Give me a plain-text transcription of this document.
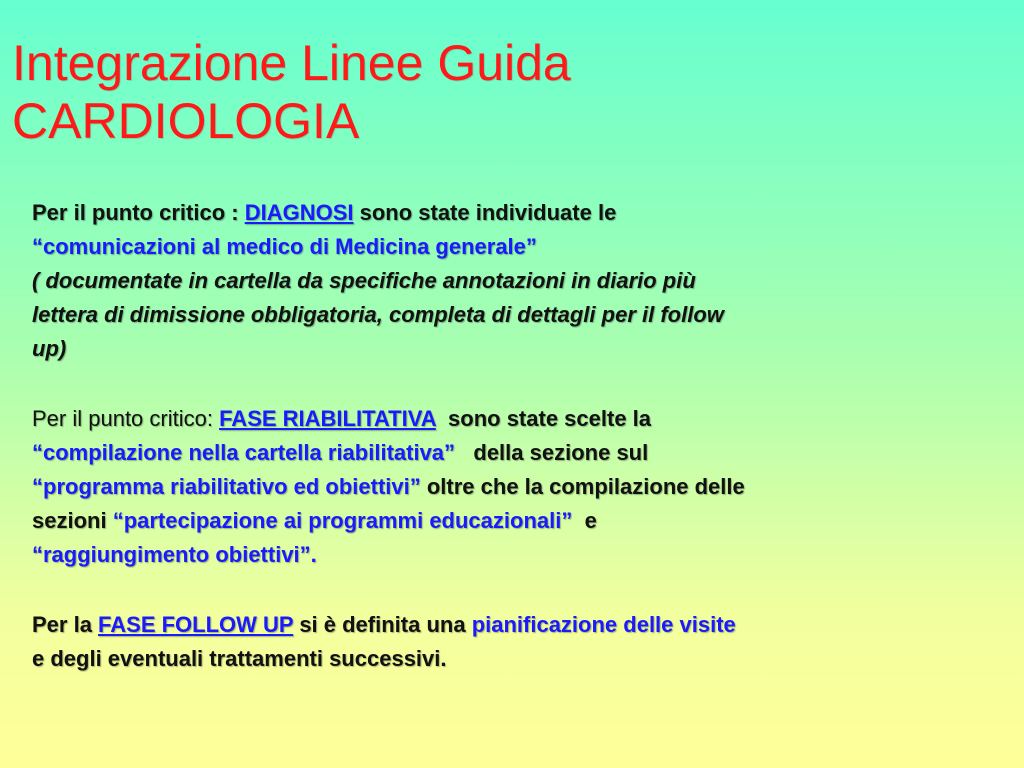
Integrazione Linee Guida
CARDIOLOGIA

Per il punto critico : DIAGNOSI sono state individuate le
“comunicazioni al medico di Medicina generale”
( documentate in cartella da specifiche annotazioni in diario più
lettera di dimissione obbligatoria, completa di dettagli per il follow
up)

Per il punto critico: FASE RIABILITATIVA  sono state scelte la
“compilazione nella cartella riabilitativa”   della sezione sul
“programma riabilitativo ed obiettivi” oltre che la compilazione delle
sezioni “partecipazione ai programmi educazionali”  e
“raggiungimento obiettivi”.

Per la FASE FOLLOW UP si è definita una pianificazione delle visite
e degli eventuali trattamenti successivi.
